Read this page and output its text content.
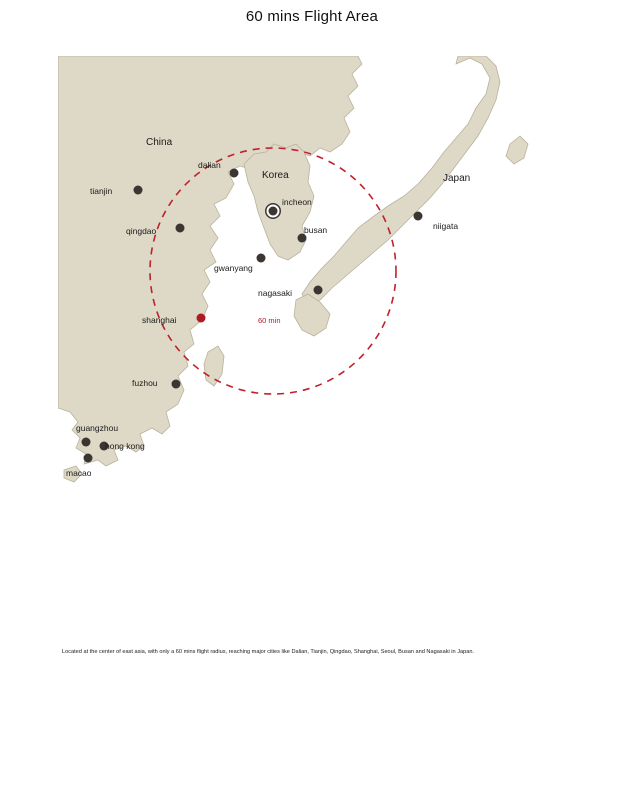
60 mins Flight Area
China
Korea	Japan
60 min
dalian
tianjin
incheon
niigata
qingdao	busan
gwanyang
nagasaki
shanghai
fuzhou
guangzhou
hong kong
macao
Located at the center of east asia, with only a 60 mins flight radius, reaching major cities like Dalian, Tianjin, Qingdao, Shanghai, Seoul, Busan and Nagasaki in Japan.
